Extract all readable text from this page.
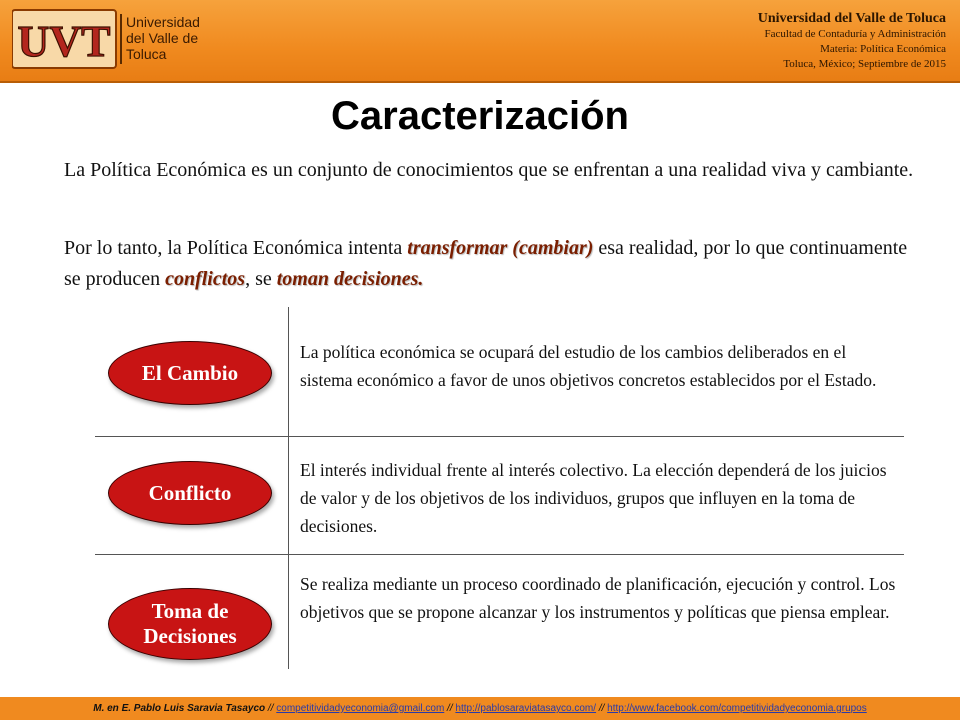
UVT Universidad del Valle de Toluca
Universidad del Valle de Toluca
Facultad de Contaduría y Administración
Materia: Política Económica
Toluca, México; Septiembre de 2015
Caracterización
La Política Económica es un conjunto de conocimientos que se enfrentan a una realidad viva y cambiante.
Por lo tanto, la Política Económica intenta transformar (cambiar) esa realidad, por lo que continuamente se producen conflictos, se toman decisiones.
El Cambio
La política económica se ocupará del estudio de los cambios deliberados en el sistema económico a favor de unos objetivos concretos establecidos por el Estado.
Conflicto
El interés individual frente al interés colectivo. La elección dependerá de los juicios de valor y de los objetivos de los individuos, grupos que influyen en la toma de decisiones.
Toma de
Decisiones
Se realiza mediante un proceso coordinado de planificación, ejecución y control. Los objetivos que se propone alcanzar y los instrumentos y políticas que piensa emplear.
M. en E. Pablo Luis Saravia Tasayco // competitividadyeconomia@gmail.com // http://pablosaraviatasayco.com/ // http://www.facebook.com/competitividadyeconomia.grupos
